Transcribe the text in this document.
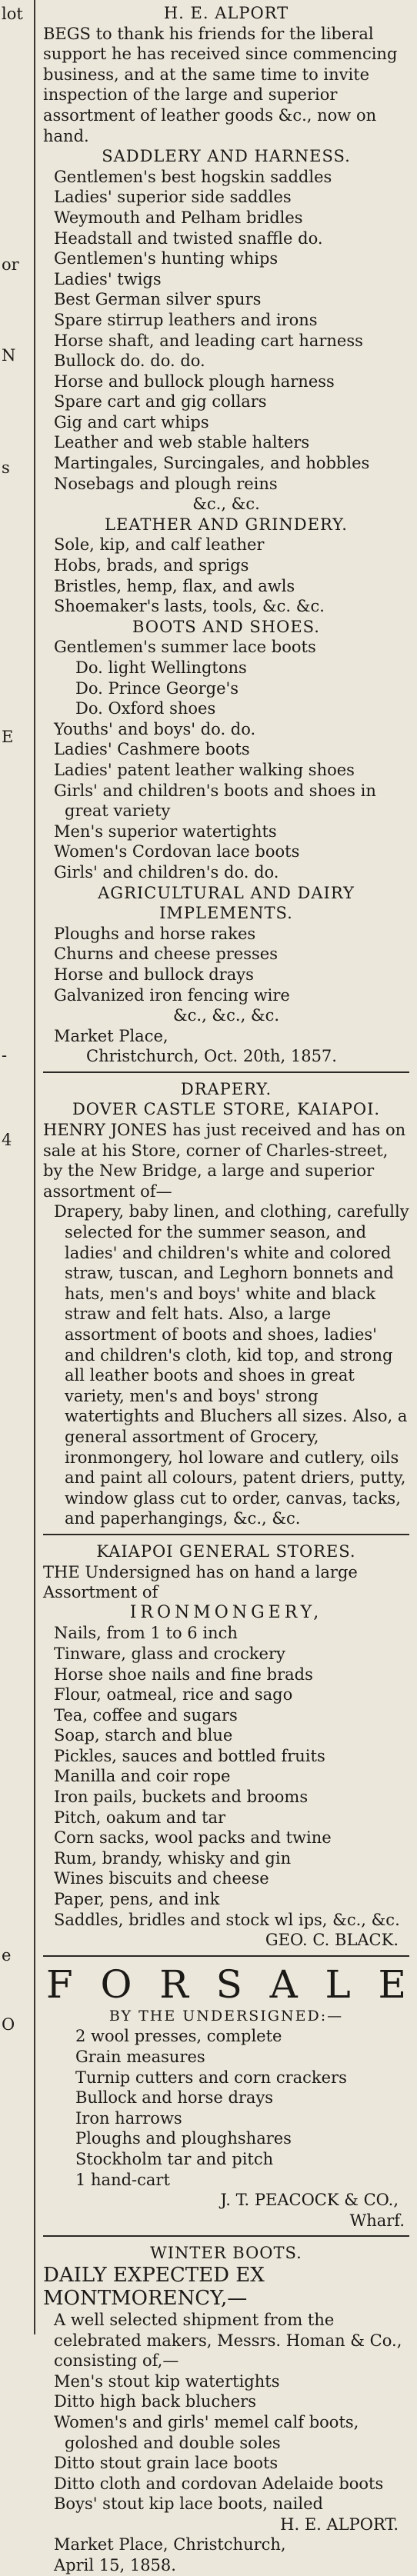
lot
or
N
s
E
-
4
e
O
H. E. ALPORT
BEGS to thank his friends for the liberal support he has received since commencing business, and at the same time to invite inspection of the large and superior assortment of leather goods &c., now on hand.
SADDLERY AND HARNESS.
Gentlemen's best hogskin saddles
Ladies' superior side saddles
Weymouth and Pelham bridles
Headstall and twisted snaffle do.
Gentlemen's hunting whips
Ladies' twigs
Best German silver spurs
Spare stirrup leathers and irons
Horse shaft, and leading cart harness
Bullock do. do. do.
Horse and bullock plough harness
Spare cart and gig collars
Gig and cart whips
Leather and web stable halters
Martingales, Surcingales, and hobbles
Nosebags and plough reins
&c., &c.
LEATHER AND GRINDERY.
Sole, kip, and calf leather
Hobs, brads, and sprigs
Bristles, hemp, flax, and awls
Shoemaker's lasts, tools, &c. &c.
BOOTS AND SHOES.
Gentlemen's summer lace boots
Do. light Wellingtons
Do. Prince George's
Do. Oxford shoes
Youths' and boys' do. do.
Ladies' Cashmere boots
Ladies' patent leather walking shoes
Girls' and children's boots and shoes in great variety
Men's superior watertights
Women's Cordovan lace boots
Girls' and children's do. do.
AGRICULTURAL AND DAIRY IMPLEMENTS.
Ploughs and horse rakes
Churns and cheese presses
Horse and bullock drays
Galvanized iron fencing wire
&c., &c., &c.
Market Place,
Christchurch, Oct. 20th, 1857.
DRAPERY.
DOVER CASTLE STORE, KAIAPOI.
HENRY JONES has just received and has on sale at his Store, corner of Charles-street, by the New Bridge, a large and superior assortment of—
Drapery, baby linen, and clothing, carefully selected for the summer season, and ladies' and children's white and colored straw, tuscan, and Leghorn bonnets and hats, men's and boys' white and black straw and felt hats. Also, a large assortment of boots and shoes, ladies' and children's cloth, kid top, and strong all leather boots and shoes in great variety, men's and boys' strong watertights and Bluchers all sizes. Also, a general assortment of Grocery, ironmongery, hol loware and cutlery, oils and paint all colours, patent driers, putty, window glass cut to order, canvas, tacks, and paperhangings, &c., &c.
KAIAPOI GENERAL STORES.
THE Undersigned has on hand a large Assortment of
IRONMONGERY,
Nails, from 1 to 6 inch
Tinware, glass and crockery
Horse shoe nails and fine brads
Flour, oatmeal, rice and sago
Tea, coffee and sugars
Soap, starch and blue
Pickles, sauces and bottled fruits
Manilla and coir rope
Iron pails, buckets and brooms
Pitch, oakum and tar
Corn sacks, wool packs and twine
Rum, brandy, whisky and gin
Wines biscuits and cheese
Paper, pens, and ink
Saddles, bridles and stock wl ips, &c., &c.
GEO. C. BLACK.
F O R S A L E
BY THE UNDERSIGNED:—
2 wool presses, complete
Grain measures
Turnip cutters and corn crackers
Bullock and horse drays
Iron harrows
Ploughs and ploughshares
Stockholm tar and pitch
1 hand-cart
J. T. PEACOCK & CO.,
Wharf.
WINTER BOOTS.
DAILY EXPECTED EX MONTMORENCY,—
A well selected shipment from the celebrated makers, Messrs. Homan & Co., consisting of,—
Men's stout kip watertights
Ditto high back bluchers
Women's and girls' memel calf boots, goloshed and double soles
Ditto stout grain lace boots
Ditto cloth and cordovan Adelaide boots
Boys' stout kip lace boots, nailed
H. E. ALPORT.
Market Place, Christchurch,
April 15, 1858.
